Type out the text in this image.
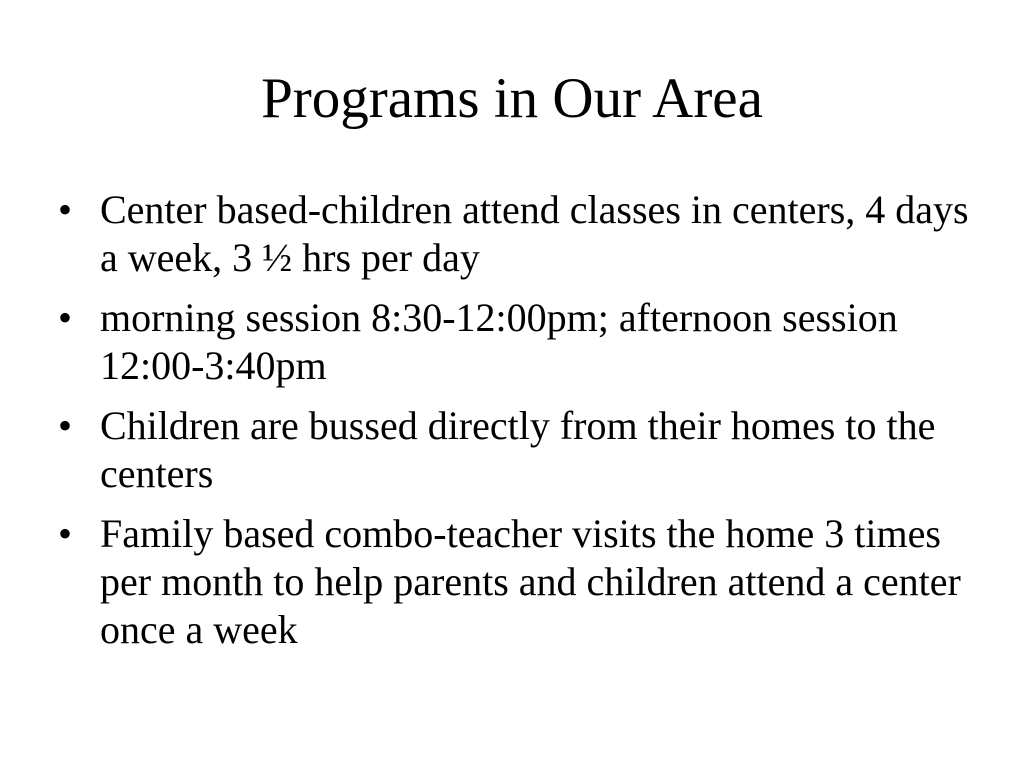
Programs in Our Area
• Center based-children attend classes in centers, 4 days a week, 3 ½ hrs per day
• morning session 8:30-12:00pm; afternoon session 12:00-3:40pm
• Children are bussed directly from their homes to the centers
• Family based combo-teacher visits the home 3 times per month to help parents and children attend a center once a week
